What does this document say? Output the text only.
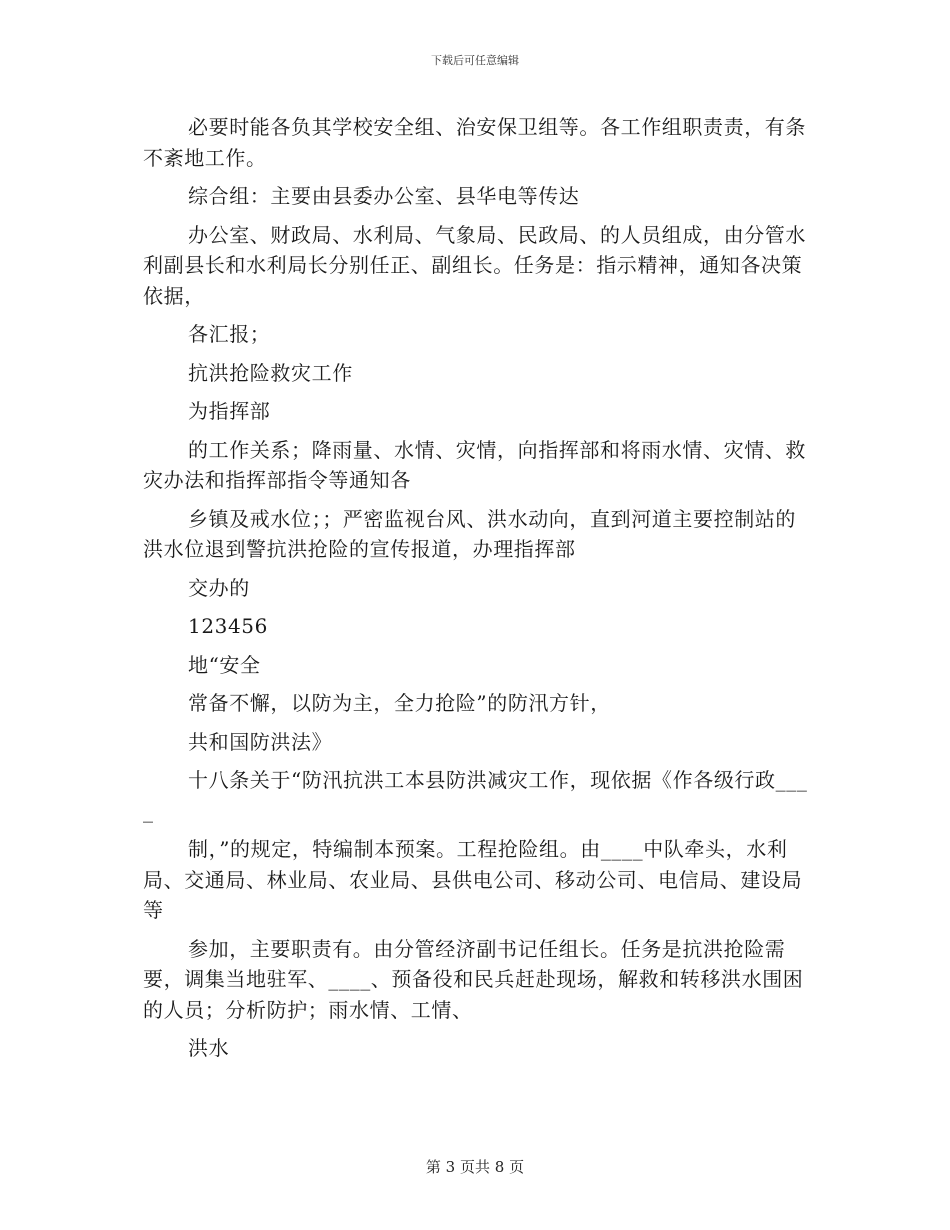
下载后可任意编辑

必要时能各负其学校安全组、治安保卫组等。各工作组职责责，有条不紊地工作。

综合组：主要由县委办公室、县华电等传达

办公室、财政局、水利局、气象局、民政局、的人员组成，由分管水利副县长和水利局长分别任正、副组长。任务是：指示精神，通知各决策依据，

各汇报；

抗洪抢险救灾工作

为指挥部

的工作关系；降雨量、水情、灾情，向指挥部和将雨水情、灾情、救灾办法和指挥部指令等通知各

乡镇及戒水位；；严密监视台风、洪水动向，直到河道主要控制站的洪水位退到警抗洪抢险的宣传报道，办理指挥部

交办的

123456

地“安全

常备不懈，以防为主，全力抢险”的防汛方针，

共和国防洪法》

十八条关于“防汛抗洪工本县防洪减灾工作，现依据《作各级行政____

制，”的规定，特编制本预案。工程抢险组。由____中队牵头，水利局、交通局、林业局、农业局、县供电公司、移动公司、电信局、建设局等

参加，主要职责有。由分管经济副书记任组长。任务是抗洪抢险需要，调集当地驻军、____、预备役和民兵赶赴现场，解救和转移洪水围困的人员；分析防护；雨水情、工情、

洪水

第 3 页共 8 页
